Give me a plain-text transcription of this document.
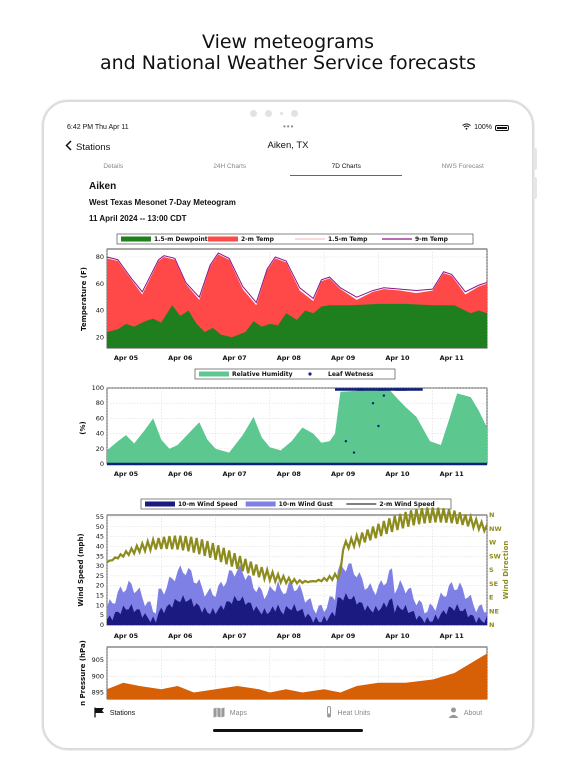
View meteograms
and National Weather Service forecasts
6:42 PM Thu Apr 11	•••	100%
Stations	Aiken, TX
Details	24H Charts	7D Charts	NWS Forecast
Aiken
West Texas Mesonet 7-Day Meteogram
11 April 2024 -- 13:00 CDT
1.5-m Dewpoint	2-m Temp	1.5-m Temp	9-m Temp
20
40
60
80
Temperature (F)
Apr 05	Apr 06	Apr 07	Apr 08	Apr 09	Apr 10	Apr 11
Relative Humidity	Leaf Wetness
0
20
40
60
80
100
(%)
Apr 05	Apr 06	Apr 07	Apr 08	Apr 09	Apr 10	Apr 11
10-m Wind Speed	10-m Wind Gust	2-m Wind Speed
0
5
10
15
20
25
30
35
40
45
50
55
Wind Speed (mph)	Wind Direction
N
NE
E
SE
S
SW
W
NW
N
Apr 05	Apr 06	Apr 07	Apr 08	Apr 09	Apr 10	Apr 11
895
900
905
n Pressure (hPa)
Stations	Maps	Heat Units	About
